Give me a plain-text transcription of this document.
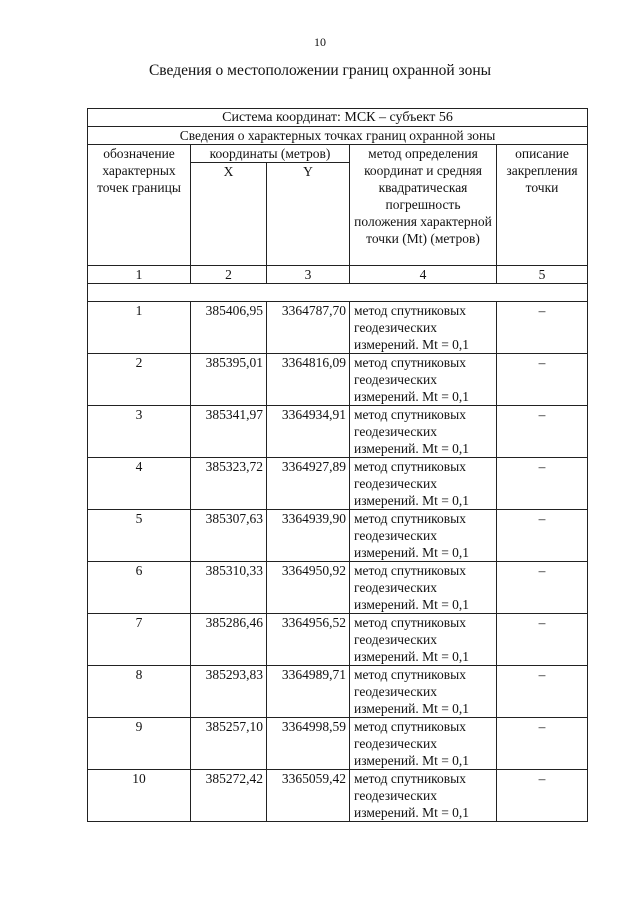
10
Сведения о местоположении границ охранной зоны
Система координат: МСК – субъект 56				
Сведения о характерных точках границ охранной зоны				
обозначение характерных точек границы	координаты (метров)		метод определения координат и средняя квадратическая погрешность положения характерной точки (Mt) (метров)	описание закрепления точки
	X	Y		
1	2	3	4	5

1	385406,95	3364787,70	метод спутниковых геодезических измерений. Mt = 0,1	–
2	385395,01	3364816,09	метод спутниковых геодезических измерений. Mt = 0,1	–
3	385341,97	3364934,91	метод спутниковых геодезических измерений. Mt = 0,1	–
4	385323,72	3364927,89	метод спутниковых геодезических измерений. Mt = 0,1	–
5	385307,63	3364939,90	метод спутниковых геодезических измерений. Mt = 0,1	–
6	385310,33	3364950,92	метод спутниковых геодезических измерений. Mt = 0,1	–
7	385286,46	3364956,52	метод спутниковых геодезических измерений. Mt = 0,1	–
8	385293,83	3364989,71	метод спутниковых геодезических измерений. Mt = 0,1	–
9	385257,10	3364998,59	метод спутниковых геодезических измерений. Mt = 0,1	–
10	385272,42	3365059,42	метод спутниковых геодезических измерений. Mt = 0,1	–
